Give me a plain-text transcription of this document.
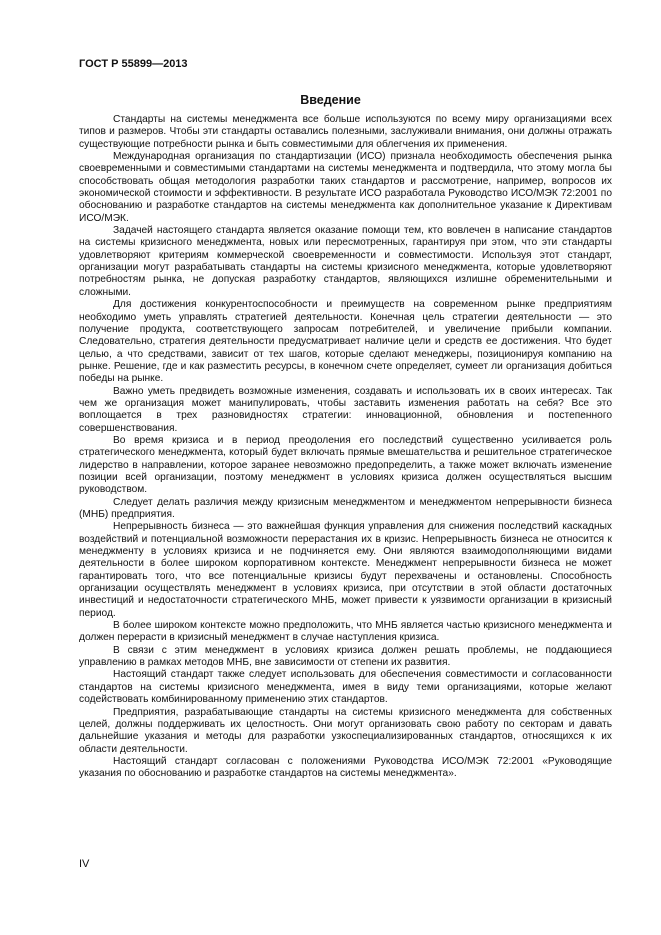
ГОСТ Р 55899—2013
Введение

Стандарты на системы менеджмента все больше используются по всему миру организациями всех типов и размеров. Чтобы эти стандарты оставались полезными, заслуживали внимания, они должны отражать существующие потребности рынка и быть совместимыми для облегчения их применения.

Международная организация по стандартизации (ИСО) признала необходимость обеспечения рынка своевременными и совместимыми стандартами на системы менеджмента и подтвердила, что этому могла бы способствовать общая методология разработки таких стандартов и рассмотрение, например, вопросов их экономической стоимости и эффективности. В результате ИСО разработала Руководство ИСО/МЭК 72:2001 по обоснованию и разработке стандартов на системы менеджмента как дополнительное указание к Директивам ИСО/МЭК.

Задачей настоящего стандарта является оказание помощи тем, кто вовлечен в написание стандартов на системы кризисного менеджмента, новых или пересмотренных, гарантируя при этом, что эти стандарты удовлетворяют критериям коммерческой своевременности и совместимости. Используя этот стандарт, организации могут разрабатывать стандарты на системы кризисного менеджмента, которые удовлетворяют потребностям рынка, не допуская разработку стандартов, являющихся излишне обременительными и сложными.

Для достижения конкурентоспособности и преимуществ на современном рынке предприятиям необходимо уметь управлять стратегией деятельности. Конечная цель стратегии деятельности — это получение продукта, соответствующего запросам потребителей, и увеличение прибыли компании. Следовательно, стратегия деятельности предусматривает наличие цели и средств ее достижения. Что будет целью, а что средствами, зависит от тех шагов, которые сделают менеджеры, позиционируя компанию на рынке. Решение, где и как разместить ресурсы, в конечном счете определяет, сумеет ли организация добиться победы на рынке.

Важно уметь предвидеть возможные изменения, создавать и использовать их в своих интересах. Так чем же организация может манипулировать, чтобы заставить изменения работать на себя? Все это воплощается в трех разновидностях стратегии: инновационной, обновления и постепенного совершенствования.

Во время кризиса и в период преодоления его последствий существенно усиливается роль стратегического менеджмента, который будет включать прямые вмешательства и решительное стратегическое лидерство в направлении, которое заранее невозможно предопределить, а также может включать изменение позиции всей организации, поэтому менеджмент в условиях кризиса должен осуществляться высшим руководством.

Следует делать различия между кризисным менеджментом и менеджментом непрерывности бизнеса (МНБ) предприятия.

Непрерывность бизнеса — это важнейшая функция управления для снижения последствий каскадных воздействий и потенциальной возможности перерастания их в кризис. Непрерывность бизнеса не относится к менеджменту в условиях кризиса и не подчиняется ему. Они являются взаимодополняющими видами деятельности в более широком корпоративном контексте. Менеджмент непрерывности бизнеса не может гарантировать того, что все потенциальные кризисы будут перехвачены и остановлены. Способность организации осуществлять менеджмент в условиях кризиса, при отсутствии в этой области достаточных инвестиций и недостаточности стратегического МНБ, может привести к уязвимости организации в кризисный период.

В более широком контексте можно предположить, что МНБ является частью кризисного менеджмента и должен перерасти в кризисный менеджмент в случае наступления кризиса.

В связи с этим менеджмент в условиях кризиса должен решать проблемы, не поддающиеся управлению в рамках методов МНБ, вне зависимости от степени их развития.

Настоящий стандарт также следует использовать для обеспечения совместимости и согласованности стандартов на системы кризисного менеджмента, имея в виду теми организациями, которые желают содействовать комбинированному применению этих стандартов.

Предприятия, разрабатывающие стандарты на системы кризисного менеджмента для собственных целей, должны поддерживать их целостность. Они могут организовать свою работу по секторам и давать дальнейшие указания и методы для разработки узкоспециализированных стандартов, относящихся к их области деятельности.

Настоящий стандарт согласован с положениями Руководства ИСО/МЭК 72:2001 «Руководящие указания по обоснованию и разработке стандартов на системы менеджмента».

IV
